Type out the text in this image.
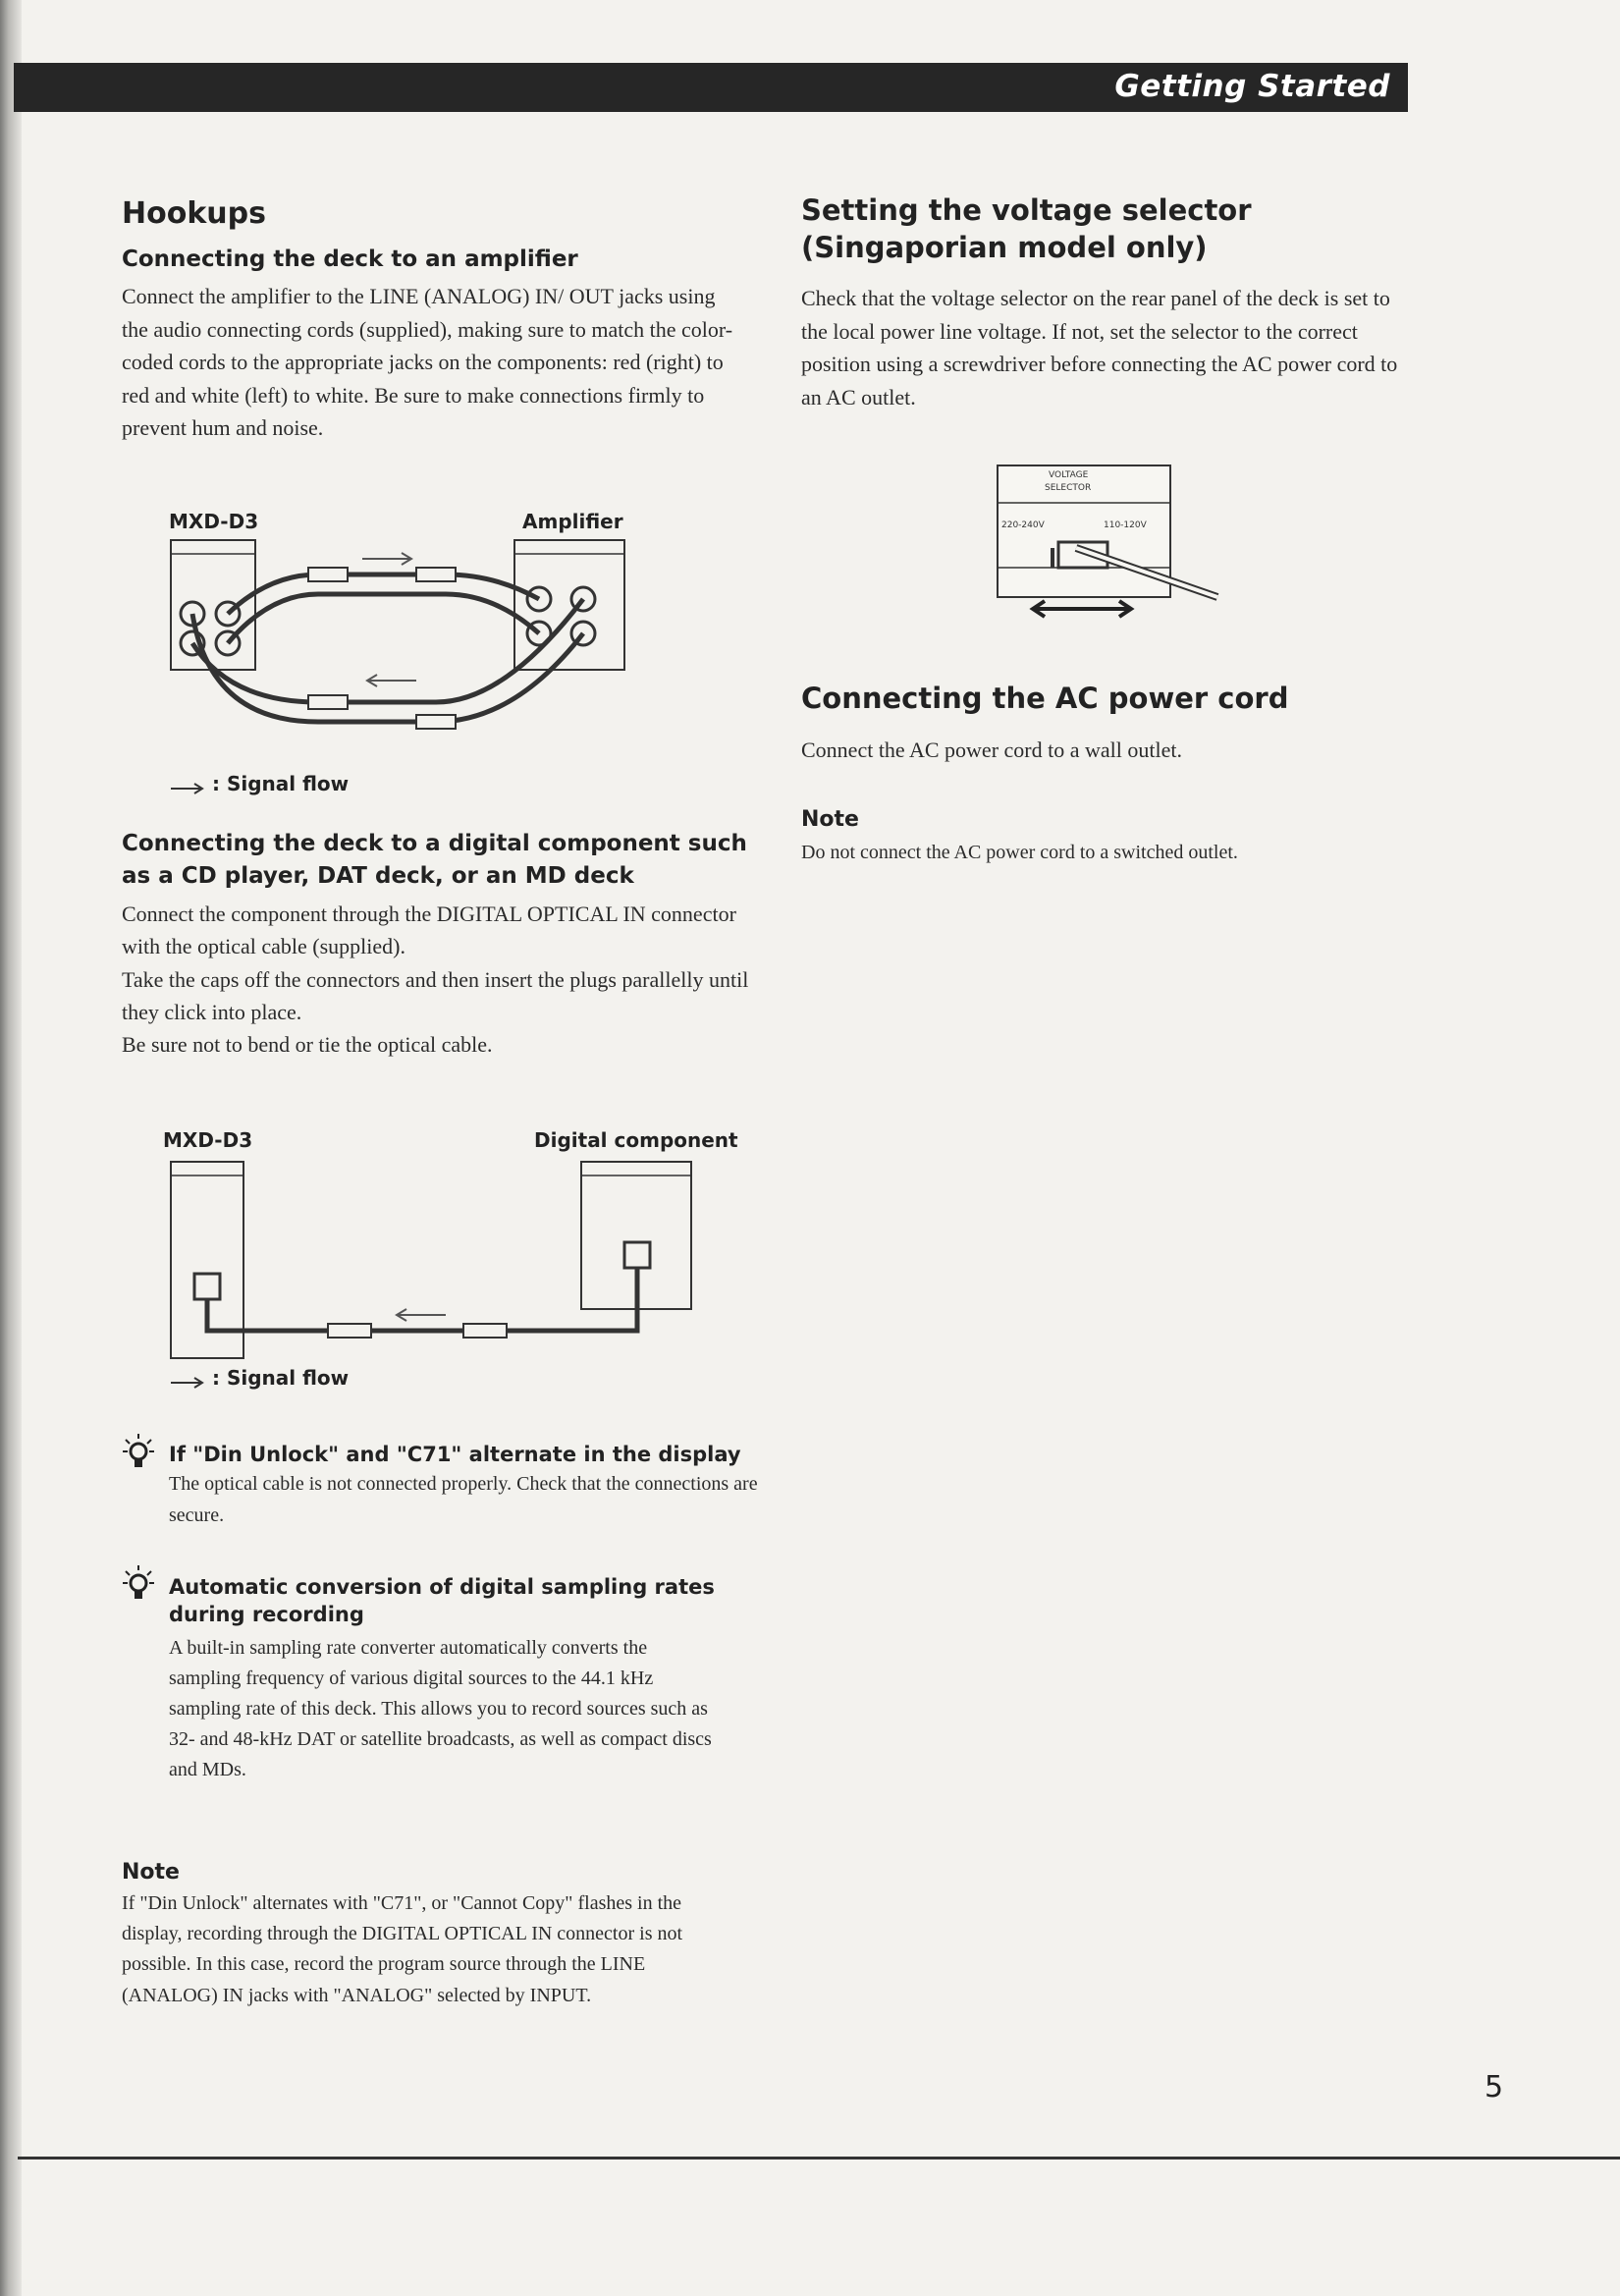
Getting Started
Hookups
Connecting the deck to an amplifier

Connect the amplifier to the LINE (ANALOG) IN/ OUT jacks using the audio connecting cords (supplied), making sure to match the color-coded cords to the appropriate jacks on the components: red (right) to red and white (left) to white. Be sure to make connections firmly to prevent hum and noise.

MXD-D3	Amplifier
: Signal flow
Connecting the deck to a digital component such as a CD player, DAT deck, or an MD deck

Connect the component through the DIGITAL OPTICAL IN connector with the optical cable (supplied).

Take the caps off the connectors and then insert the plugs parallelly until they click into place.

Be sure not to bend or tie the optical cable.

MXD-D3	Digital component
: Signal flow
If "Din Unlock" and "C71" alternate in the display

The optical cable is not connected properly. Check that the connections are secure.

Automatic conversion of digital sampling rates during recording

A built-in sampling rate converter automatically converts the sampling frequency of various digital sources to the 44.1 kHz sampling rate of this deck. This allows you to record sources such as 32- and 48-kHz DAT or satellite broadcasts, as well as compact discs and MDs.

Note

If "Din Unlock" alternates with "C71", or "Cannot Copy" flashes in the display, recording through the DIGITAL OPTICAL IN connector is not possible. In this case, record the program source through the LINE (ANALOG) IN jacks with "ANALOG" selected by INPUT.

Setting the voltage selector (Singaporian model only)

Check that the voltage selector on the rear panel of the deck is set to the local power line voltage. If not, set the selector to the correct position using a screwdriver before connecting the AC power cord to an AC outlet.

VOLTAGE
SELECTOR
220-240V	110-120V
Connecting the AC power cord

Connect the AC power cord to a wall outlet.

Note

Do not connect the AC power cord to a switched outlet.

5
